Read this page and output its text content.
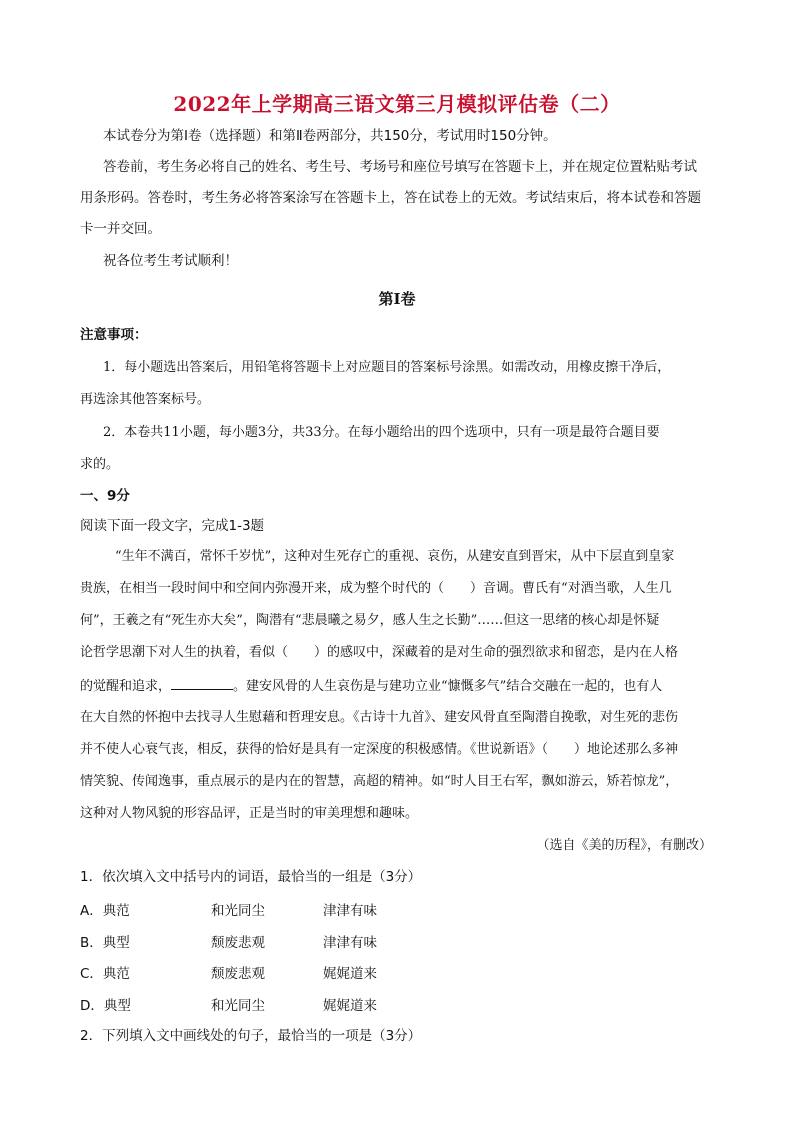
2022年上学期高三语文第三月模拟评估卷（二）
本试卷分为第Ⅰ卷（选择题）和第Ⅱ卷两部分，共150分，考试用时150分钟。
答卷前，考生务必将自己的姓名、考生号、考场号和座位号填写在答题卡上，并在规定位置粘贴考试
用条形码。答卷时，考生务必将答案涂写在答题卡上，答在试卷上的无效。考试结束后，将本试卷和答题
卡一并交回。
祝各位考生考试顺利！
第Ⅰ卷
注意事项：
1．每小题选出答案后，用铅笔将答题卡上对应题目的答案标号涂黑。如需改动，用橡皮擦干净后，
再选涂其他答案标号。
2．本卷共11小题，每小题3分，共33分。在每小题给出的四个选项中，只有一项是最符合题目要
求的。
一、9分
阅读下面一段文字，完成1-3题
“生年不满百，常怀千岁忧”，这种对生死存亡的重视、哀伤，从建安直到晋宋，从中下层直到皇家
贵族，在相当一段时间中和空间内弥漫开来，成为整个时代的（　　）音调。曹氏有“对酒当歌，人生几
何”，王羲之有“死生亦大矣”，陶潜有“悲晨曦之易夕，感人生之长勤”……但这一思绪的核心却是怀疑
论哲学思潮下对人生的执着，看似（　　）的感叹中，深藏着的是对生命的强烈欲求和留恋，是内在人格
的觉醒和追求，	。建安风骨的人生哀伤是与建功立业“慷慨多气”结合交融在一起的，也有人
在大自然的怀抱中去找寻人生慰藉和哲理安息。《古诗十九首》、建安风骨直至陶潜自挽歌，对生死的悲伤
并不使人心衰气丧，相反，获得的恰好是具有一定深度的积极感情。《世说新语》（　　）地论述那么多神
情笑貌、传闻逸事，重点展示的是内在的智慧，高超的精神。如“时人目王右军，飘如游云，矫若惊龙”，
这种对人物风貌的形容品评，正是当时的审美理想和趣味。
（选自《美的历程》，有删改）
1．依次填入文中括号内的词语，最恰当的一组是（3分）
A．典范	和光同尘	津津有味
B．典型	颓废悲观	津津有味
C．典范	颓废悲观	娓娓道来
D．典型	和光同尘	娓娓道来
2．下列填入文中画线处的句子，最恰当的一项是（3分）
